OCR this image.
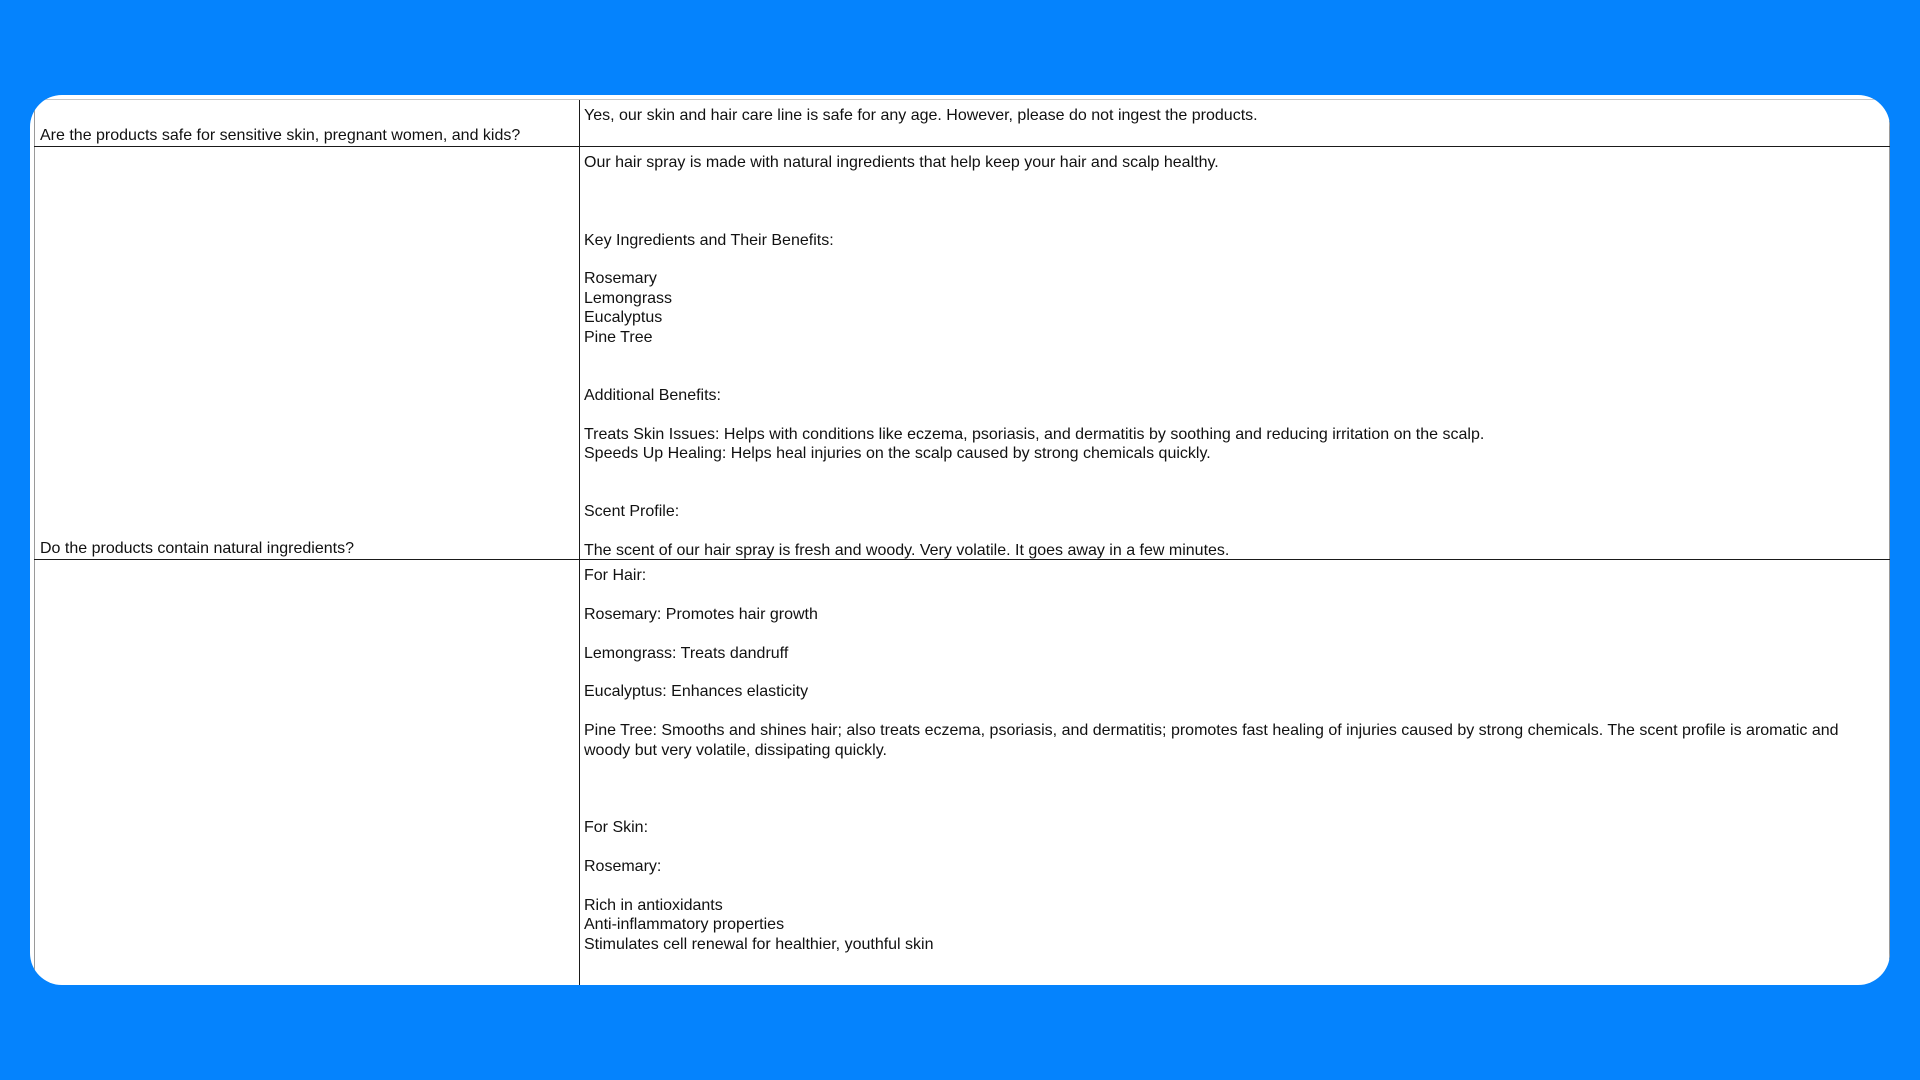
Are the products safe for sensitive skin, pregnant women, and kids?
Yes, our skin and hair care line is safe for any age. However, please do not ingest the products.
Do the products contain natural ingredients?
Our hair spray is made with natural ingredients that help keep your hair and scalp healthy.
Key Ingredients and Their Benefits:
Rosemary
Lemongrass
Eucalyptus
Pine Tree
Additional Benefits:
Treats Skin Issues: Helps with conditions like eczema, psoriasis, and dermatitis by soothing and reducing irritation on the scalp.
Speeds Up Healing: Helps heal injuries on the scalp caused by strong chemicals quickly.
Scent Profile:
The scent of our hair spray is fresh and woody. Very volatile. It goes away in a few minutes.
For Hair:
Rosemary: Promotes hair growth
Lemongrass: Treats dandruff
Eucalyptus: Enhances elasticity
Pine Tree: Smooths and shines hair; also treats eczema, psoriasis, and dermatitis; promotes fast healing of injuries caused by strong chemicals. The scent profile is aromatic and woody but very volatile, dissipating quickly.
For Skin:
Rosemary:
Rich in antioxidants
Anti-inflammatory properties
Stimulates cell renewal for healthier, youthful skin
